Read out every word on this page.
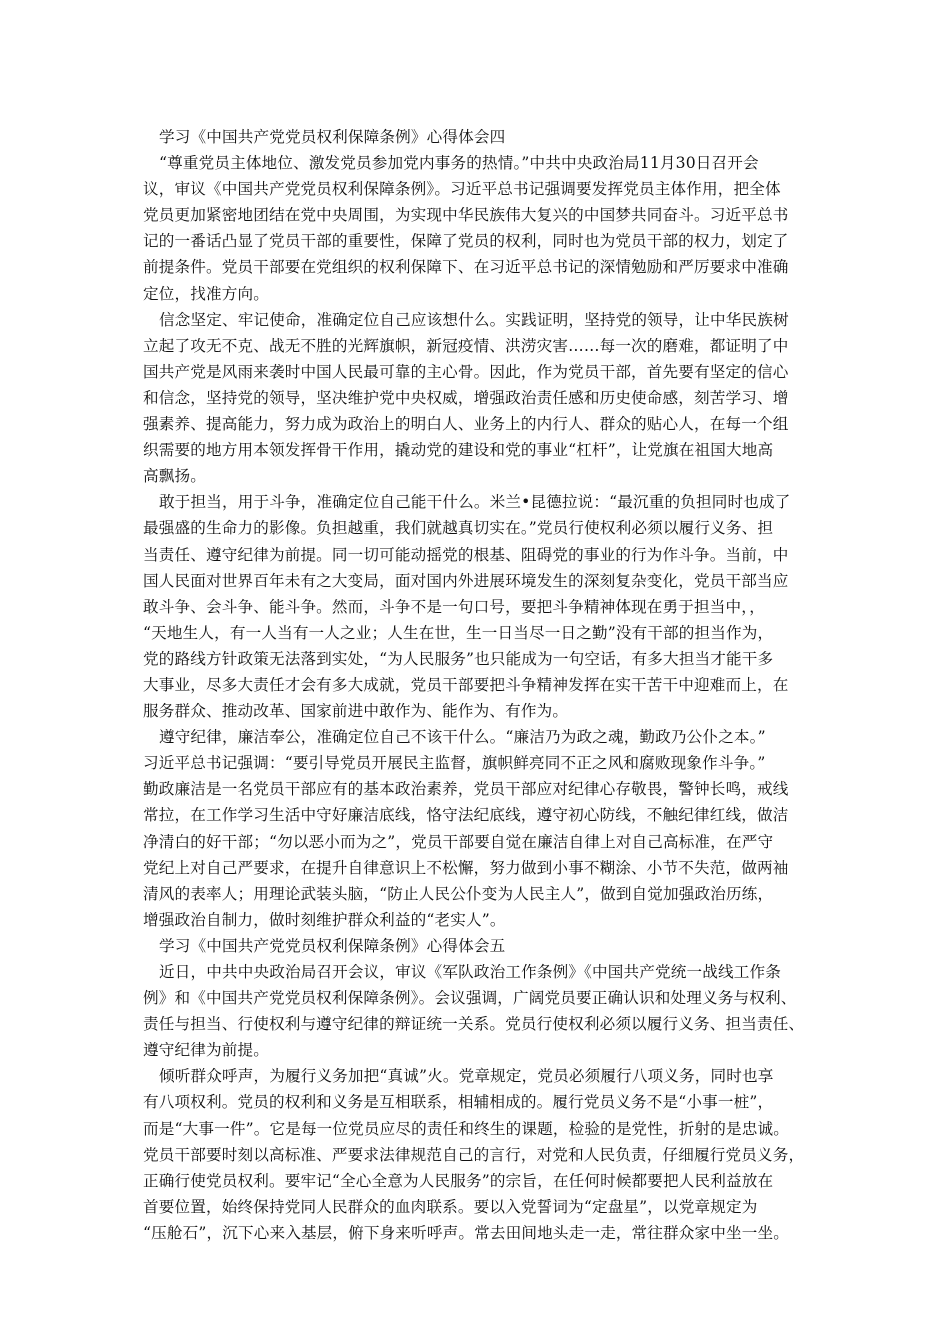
学习《中国共产党党员权利保障条例》心得体会四
“尊重党员主体地位、激发党员参加党内事务的热情。”中共中央政治局11月30日召开会
议，审议《中国共产党党员权利保障条例》。习近平总书记强调要发挥党员主体作用，把全体
党员更加紧密地团结在党中央周围，为实现中华民族伟大复兴的中国梦共同奋斗。习近平总书
记的一番话凸显了党员干部的重要性，保障了党员的权利，同时也为党员干部的权力，划定了
前提条件。党员干部要在党组织的权利保障下、在习近平总书记的深情勉励和严厉要求中准确
定位，找准方向。
信念坚定、牢记使命，准确定位自己应该想什么。实践证明，坚持党的领导，让中华民族树
立起了攻无不克、战无不胜的光辉旗帜，新冠疫情、洪涝灾害……每一次的磨难，都证明了中
国共产党是风雨来袭时中国人民最可靠的主心骨。因此，作为党员干部，首先要有坚定的信心
和信念，坚持党的领导，坚决维护党中央权威，增强政治责任感和历史使命感，刻苦学习、增
强素养、提高能力，努力成为政治上的明白人、业务上的内行人、群众的贴心人，在每一个组
织需要的地方用本领发挥骨干作用，撬动党的建设和党的事业“杠杆”，让党旗在祖国大地高
高飘扬。
敢于担当，用于斗争，准确定位自己能干什么。米兰•昆德拉说：“最沉重的负担同时也成了
最强盛的生命力的影像。负担越重，我们就越真切实在。”党员行使权利必须以履行义务、担
当责任、遵守纪律为前提。同一切可能动摇党的根基、阻碍党的事业的行为作斗争。当前，中
国人民面对世界百年未有之大变局，面对国内外进展环境发生的深刻复杂变化，党员干部当应
敢斗争、会斗争、能斗争。然而，斗争不是一句口号，要把斗争精神体现在勇于担当中，，
“天地生人，有一人当有一人之业；人生在世，生一日当尽一日之勤”没有干部的担当作为，
党的路线方针政策无法落到实处，“为人民服务”也只能成为一句空话，有多大担当才能干多
大事业，尽多大责任才会有多大成就，党员干部要把斗争精神发挥在实干苦干中迎难而上，在
服务群众、推动改革、国家前进中敢作为、能作为、有作为。
遵守纪律，廉洁奉公，准确定位自己不该干什么。“廉洁乃为政之魂，勤政乃公仆之本。”
习近平总书记强调：“要引导党员开展民主监督，旗帜鲜亮同不正之风和腐败现象作斗争。”
勤政廉洁是一名党员干部应有的基本政治素养，党员干部应对纪律心存敬畏，警钟长鸣，戒线
常拉，在工作学习生活中守好廉洁底线，恪守法纪底线，遵守初心防线，不触纪律红线，做洁
净清白的好干部；“勿以恶小而为之”，党员干部要自觉在廉洁自律上对自己高标准，在严守
党纪上对自己严要求，在提升自律意识上不松懈，努力做到小事不糊涂、小节不失范，做两袖
清风的表率人；用理论武装头脑，“防止人民公仆变为人民主人”，做到自觉加强政治历练，
增强政治自制力，做时刻维护群众利益的“老实人”。
学习《中国共产党党员权利保障条例》心得体会五
近日，中共中央政治局召开会议，审议《军队政治工作条例》《中国共产党统一战线工作条
例》和《中国共产党党员权利保障条例》。会议强调，广阔党员要正确认识和处理义务与权利、
责任与担当、行使权利与遵守纪律的辩证统一关系。党员行使权利必须以履行义务、担当责任、
遵守纪律为前提。
倾听群众呼声，为履行义务加把“真诚”火。党章规定，党员必须履行八项义务，同时也享
有八项权利。党员的权利和义务是互相联系，相辅相成的。履行党员义务不是“小事一桩”，
而是“大事一件”。它是每一位党员应尽的责任和终生的课题，检验的是党性，折射的是忠诚。
党员干部要时刻以高标准、严要求法律规范自己的言行，对党和人民负责，仔细履行党员义务，
正确行使党员权利。要牢记“全心全意为人民服务”的宗旨，在任何时候都要把人民利益放在
首要位置，始终保持党同人民群众的血肉联系。要以入党誓词为“定盘星”，以党章规定为
“压舱石”，沉下心来入基层，俯下身来听呼声。常去田间地头走一走，常往群众家中坐一坐。
